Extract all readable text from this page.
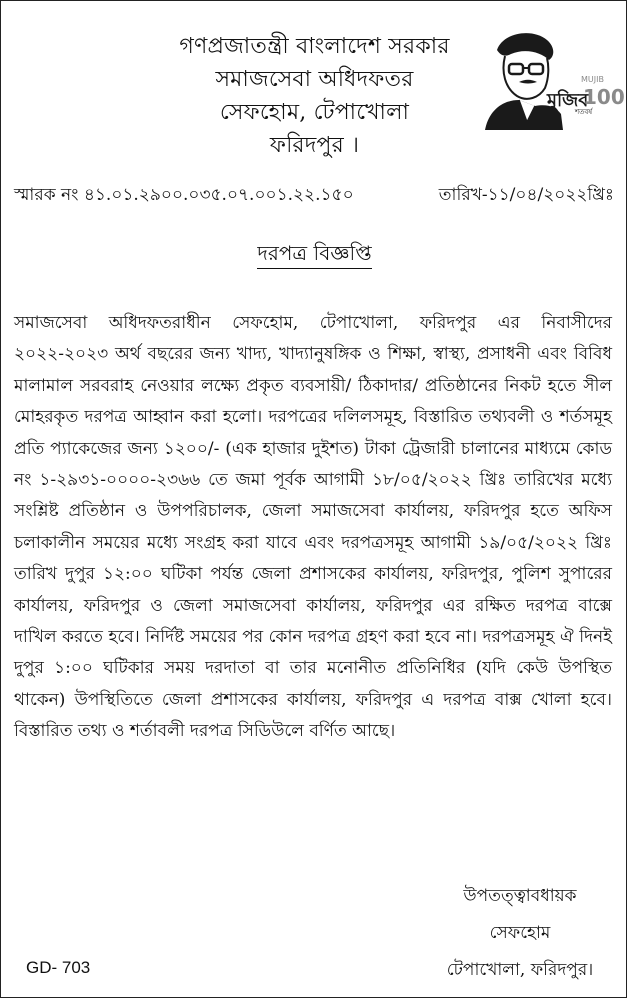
গণপ্রজাতন্ত্রী বাংলাদেশ সরকার
সমাজসেবা অধিদফতর
সেফহোম, টেপাখোলা
ফরিদপুর ।
মুজিব
শতবর্ষ
MUJIB
100
স্মারক নং ৪১.০১.২৯০০.০৩৫.০৭.০০১.২২.১৫০	তারিখ-১১/০৪/২০২২খ্রিঃ
দরপত্র বিজ্ঞপ্তি
সমাজসেবা অধিদফতরাধীন সেফহোম, টেপাখোলা, ফরিদপুর এর নিবাসীদের ২০২২-২০২৩ অর্থ বছরের জন্য খাদ্য, খাদ্যানুষঙ্গিক ও শিক্ষা, স্বাস্থ্য, প্রসাধনী এবং বিবিধ মালামাল সরবরাহ নেওয়ার লক্ষ্যে প্রকৃত ব্যবসায়ী/ ঠিকাদার/ প্রতিষ্ঠানের নিকট হতে সীল মোহরকৃত দরপত্র আহ্বান করা হলো। দরপত্রের দলিলসমূহ, বিস্তারিত তথ্যবলী ও শর্তসমূহ প্রতি প্যাকেজের জন্য ১২০০/- (এক হাজার দুইশত) টাকা ট্রেজারী চালানের মাধ্যমে কোড নং ১-২৯৩১-০০০০-২৩৬৬ তে জমা পূর্বক আগামী ১৮/০৫/২০২২ খ্রিঃ তারিখের মধ্যে সংশ্লিষ্ট প্রতিষ্ঠান ও উপপরিচালক, জেলা সমাজসেবা কার্যালয়, ফরিদপুর হতে অফিস চলাকালীন সময়ের মধ্যে সংগ্রহ করা যাবে এবং দরপত্রসমূহ আগামী ১৯/০৫/২০২২ খ্রিঃ তারিখ দুপুর ১২:০০ ঘটিকা পর্যন্ত জেলা প্রশাসকের কার্যালয়, ফরিদপুর, পুলিশ সুপারের কার্যালয়, ফরিদপুর ও জেলা সমাজসেবা কার্যালয়, ফরিদপুর এর রক্ষিত দরপত্র বাক্সে দাখিল করতে হবে। নির্দিষ্ট সময়ের পর কোন দরপত্র গ্রহণ করা হবে না। দরপত্রসমূহ ঐ দিনই দুপুর ১:০০ ঘটিকার সময় দরদাতা বা তার মনোনীত প্রতিনিধির (যদি কেউ উপস্থিত থাকেন) উপস্থিতিতে জেলা প্রশাসকের কার্যালয়, ফরিদপুর এ দরপত্র বাক্স খোলা হবে। বিস্তারিত তথ্য ও শর্তাবলী দরপত্র সিডিউলে বর্ণিত আছে।
উপতত্ত্বাবধায়ক
সেফহোম
টেপাখোলা, ফরিদপুর।
GD- 703
